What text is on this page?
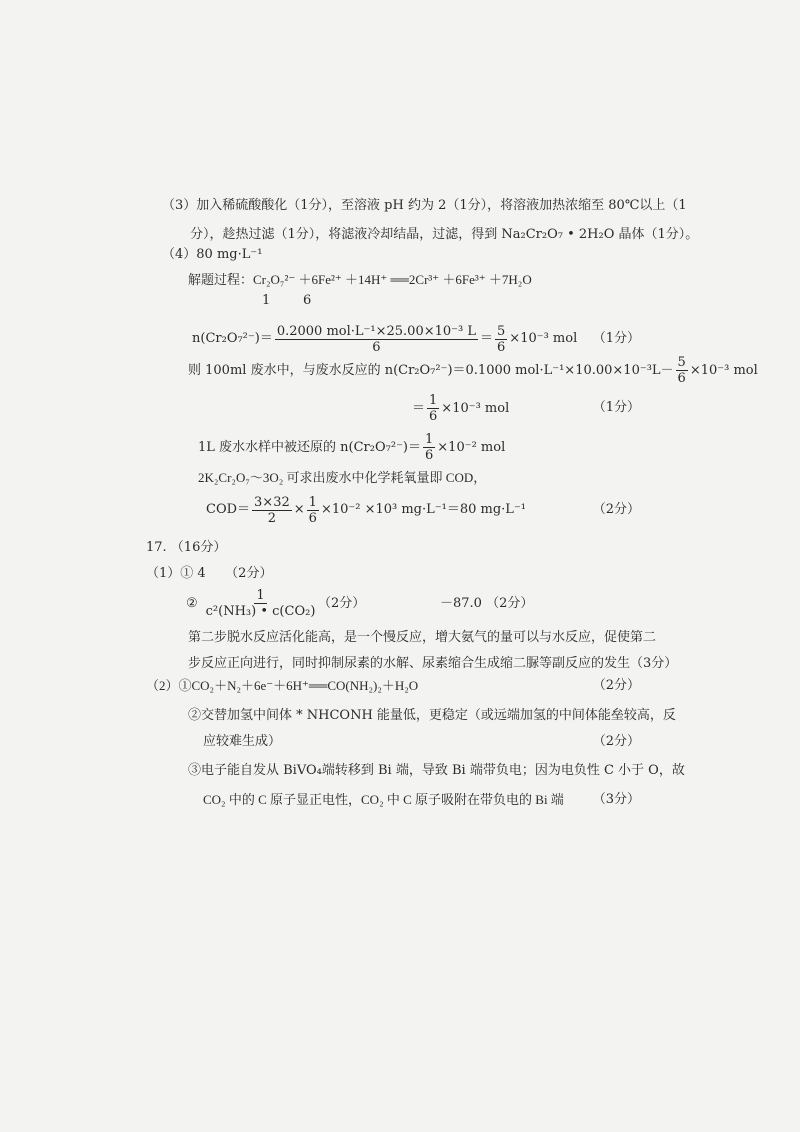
（3）加入稀硫酸酸化（1分），至溶液 pH 约为 2（1分），将溶液加热浓缩至 80℃以上（1
分），趁热过滤（1分），将滤液冷却结晶，过滤，得到 Na₂Cr₂O₇ • 2H₂O 晶体（1分）。
（4）80 mg·L⁻¹
解题过程：Cr₂O₇²⁻ ＋6Fe²⁺ ＋14H⁺ ══2Cr³⁺ ＋6Fe³⁺ ＋7H₂O
1	6
$n(Cr_2O_7^{2-})= \frac{\text{0.2000 mol·L⁻¹×25.00×10⁻³ L}}{6} = \frac{5}{6} \times 10^{-3}$ mol （1分）
则 100ml 废水中，与废水反应的 n(Cr₂O₇²⁻)＝0.1000 $mol\cdot L^{-1}\times 10.00\times 10^{-3}L- \frac{5}{6} \times 10^{-3}$ mol
＝ $\frac{1}{6} \times 10^{-3}$ mol	（1分）
1L 废水水样中被还原的 $n(Cr_2O_7^{2-})= \frac{1}{6} \times 10^{-2}$ mol
2K₂Cr₂O₇～3O₂ 可求出废水中化学耗氧量即 COD，
$COD= \frac{3\times 32}{2} \times \frac{1}{6} \times 10^{-2} \times 10^3$ mg·L⁻¹＝80 mg·L⁻¹	（2分）
17. （16分）
（1）① 4　　（2分）
② $\frac{1}{\text{c²(NH₃) • c(CO₂)}} (2$分）	－87.0 （2分）
第二步脱水反应活化能高，是一个慢反应，增大氨气的量可以与水反应，促使第二
步反应正向进行，同时抑制尿素的水解、尿素缩合生成缩二脲等副反应的发生（3分）
（2）①CO₂＋N₂＋6e⁻＋6H⁺══CO(NH₂)₂＋H₂O	（2分）
②交替加氢中间体 * NHCONH 能量低，更稳定（或远端加氢的中间体能垒较高，反
应较难生成）	（2分）
③电子能自发从 BiVO₄端转移到 Bi 端，导致 Bi 端带负电；因为电负性 C 小于 O，故
CO₂ 中的 C 原子显正电性，CO₂ 中 C 原子吸附在带负电的 Bi 端 （3分）
